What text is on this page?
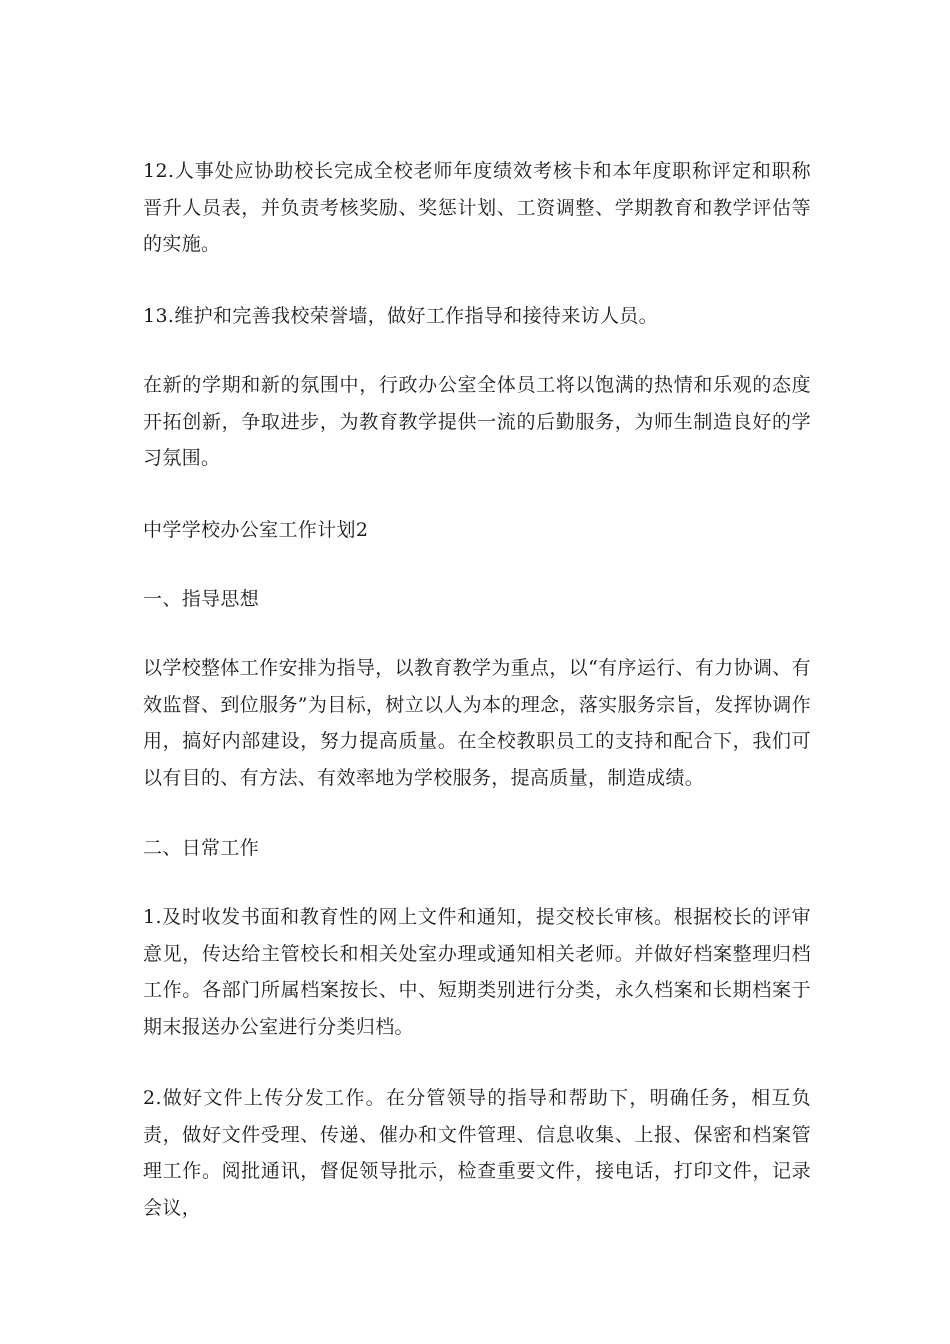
12.人事处应协助校长完成全校老师年度绩效考核卡和本年度职称评定和职称晋升人员表，并负责考核奖励、奖惩计划、工资调整、学期教育和教学评估等的实施。

13.维护和完善我校荣誉墙，做好工作指导和接待来访人员。

在新的学期和新的氛围中，行政办公室全体员工将以饱满的热情和乐观的态度开拓创新，争取进步，为教育教学提供一流的后勤服务，为师生制造良好的学习氛围。

中学学校办公室工作计划2

一、指导思想

以学校整体工作安排为指导，以教育教学为重点，以“有序运行、有力协调、有效监督、到位服务”为目标，树立以人为本的理念，落实服务宗旨，发挥协调作用，搞好内部建设，努力提高质量。在全校教职员工的支持和配合下，我们可以有目的、有方法、有效率地为学校服务，提高质量，制造成绩。

二、日常工作

1.及时收发书面和教育性的网上文件和通知，提交校长审核。根据校长的评审意见，传达给主管校长和相关处室办理或通知相关老师。并做好档案整理归档工作。各部门所属档案按长、中、短期类别进行分类，永久档案和长期档案于期末报送办公室进行分类归档。

2.做好文件上传分发工作。在分管领导的指导和帮助下，明确任务，相互负责，做好文件受理、传递、催办和文件管理、信息收集、上报、保密和档案管理工作。阅批通讯，督促领导批示，检查重要文件，接电话，打印文件，记录会议，
